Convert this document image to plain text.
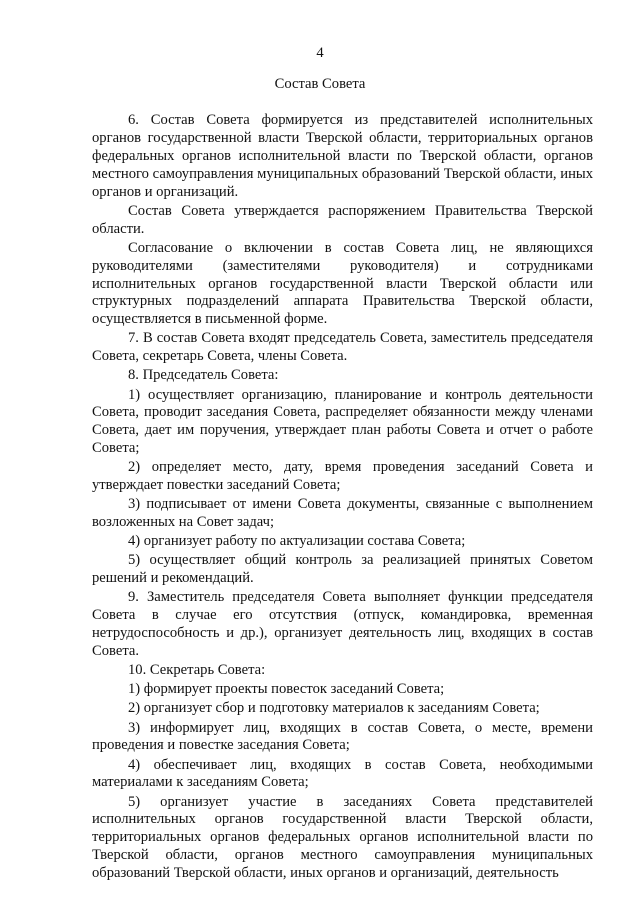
4
Состав Совета

6. Состав Совета формируется из представителей исполнительных органов государственной власти Тверской области, территориальных органов федеральных органов исполнительной власти по Тверской области, органов местного самоуправления муниципальных образований Тверской области, иных органов и организаций.

Состав Совета утверждается распоряжением Правительства Тверской области.

Согласование о включении в состав Совета лиц, не являющихся руководителями (заместителями руководителя) и сотрудниками исполнительных органов государственной власти Тверской области или структурных подразделений аппарата Правительства Тверской области, осуществляется в письменной форме.

7. В состав Совета входят председатель Совета, заместитель председателя Совета, секретарь Совета, члены Совета.

8. Председатель Совета:

1) осуществляет организацию, планирование и контроль деятельности Совета, проводит заседания Совета, распределяет обязанности между членами Совета, дает им поручения, утверждает план работы Совета и отчет о работе Совета;

2) определяет место, дату, время проведения заседаний Совета и утверждает повестки заседаний Совета;

3) подписывает от имени Совета документы, связанные с выполнением возложенных на Совет задач;

4) организует работу по актуализации состава Совета;

5) осуществляет общий контроль за реализацией принятых Советом решений и рекомендаций.

9. Заместитель председателя Совета выполняет функции председателя Совета в случае его отсутствия (отпуск, командировка, временная нетрудоспособность и др.), организует деятельность лиц, входящих в состав Совета.

10. Секретарь Совета:

1) формирует проекты повесток заседаний Совета;

2) организует сбор и подготовку материалов к заседаниям Совета;

3) информирует лиц, входящих в состав Совета, о месте, времени проведения и повестке заседания Совета;

4) обеспечивает лиц, входящих в состав Совета, необходимыми материалами к заседаниям Совета;

5) организует участие в заседаниях Совета представителей исполнительных органов государственной власти Тверской области, территориальных органов федеральных органов исполнительной власти по Тверской области, органов местного самоуправления муниципальных образований Тверской области, иных органов и организаций, деятельность
